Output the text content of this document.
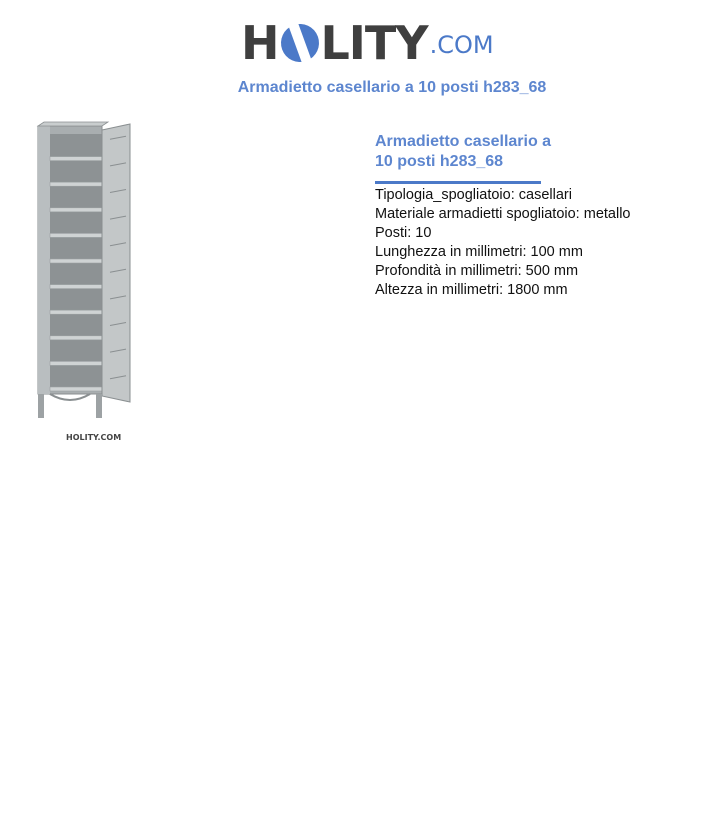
H LITY .COM
Armadietto casellario a 10 posti h283_68
HOLITY.COM
Armadietto casellario a
10 posti h283_68
Tipologia_spogliatoio: casellari
Materiale armadietti spogliatoio: metallo
Posti: 10
Lunghezza in millimetri: 100 mm
Profondità in millimetri: 500 mm
Altezza in millimetri: 1800 mm
